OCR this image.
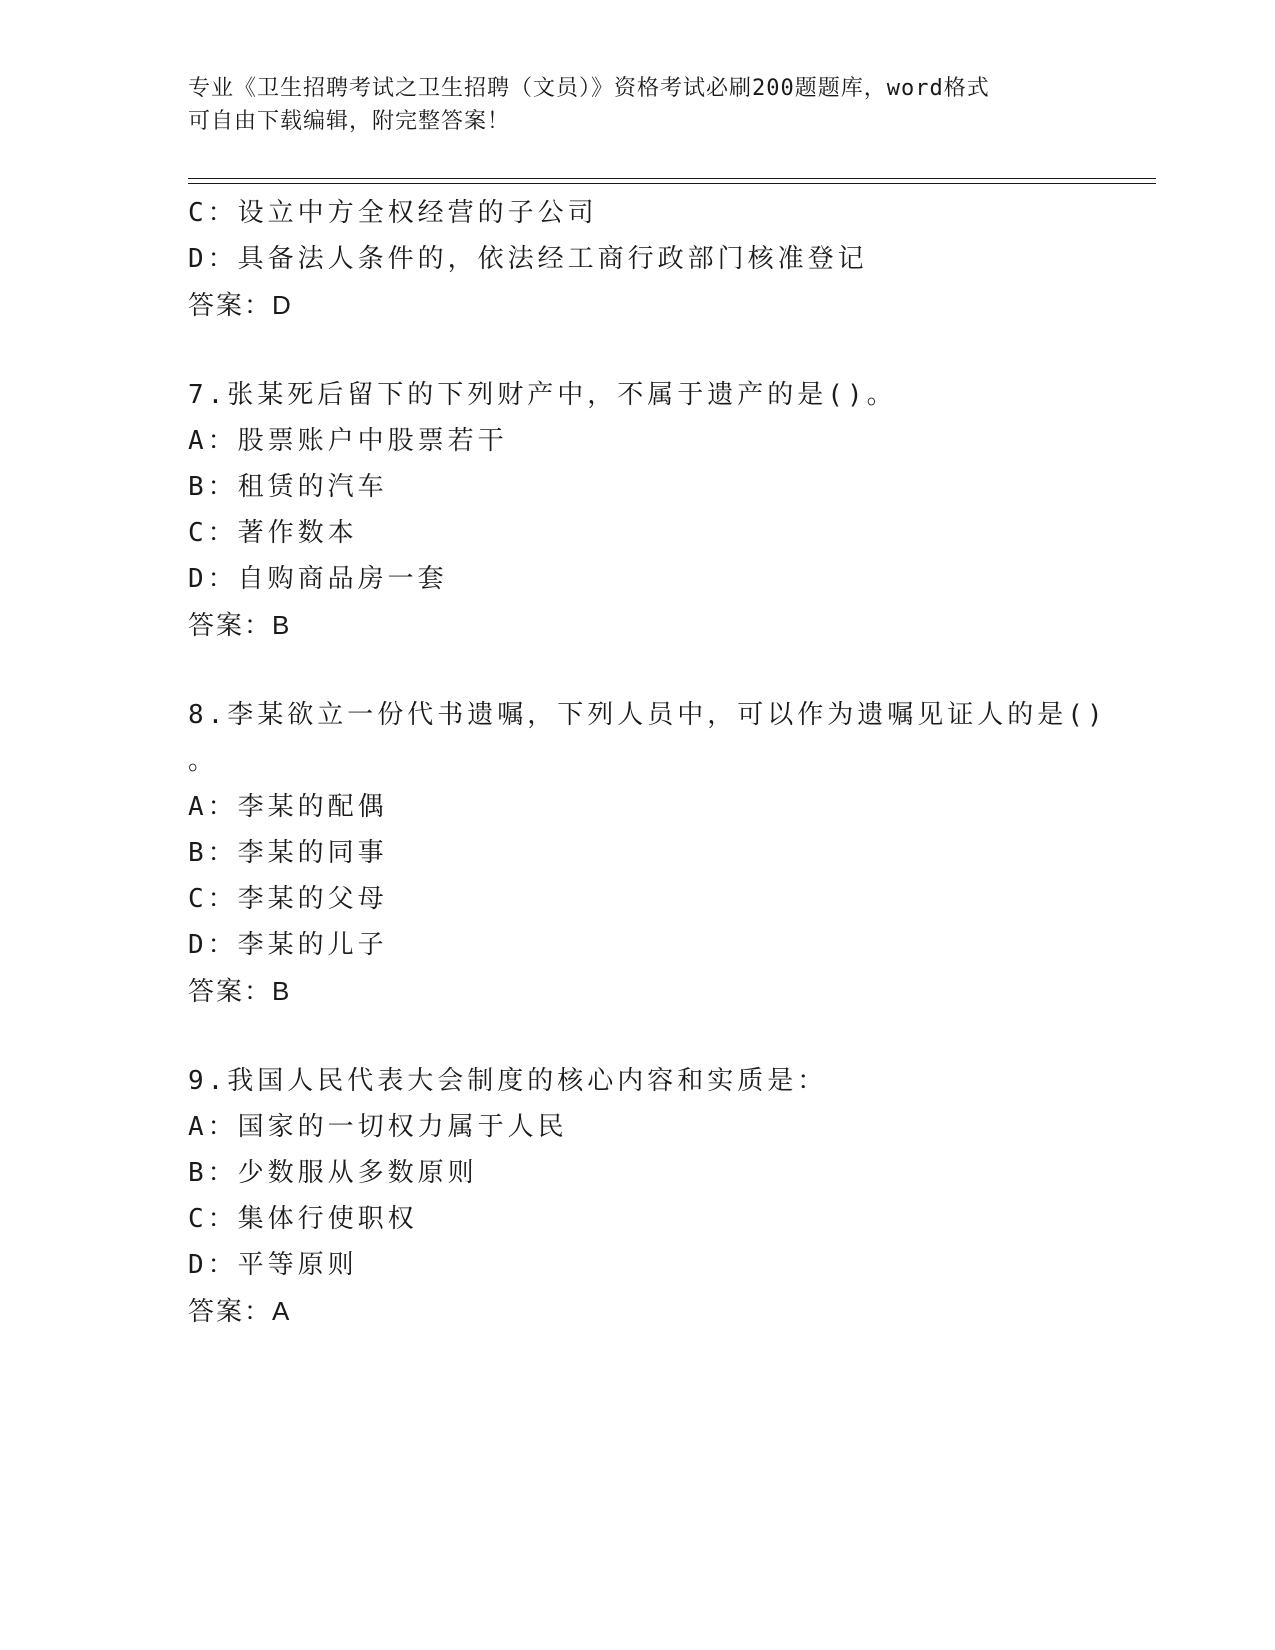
专业《卫生招聘考试之卫生招聘（文员）》资格考试必刷200题题库，word格式
可自由下载编辑，附完整答案！
C：设立中方全权经营的子公司
D：具备法人条件的，依法经工商行政部门核准登记
答案：D
7.张某死后留下的下列财产中，不属于遗产的是()。
A：股票账户中股票若干
B：租赁的汽车
C：著作数本
D：自购商品房一套
答案：B
8.李某欲立一份代书遗嘱，下列人员中，可以作为遗嘱见证人的是()
。
A：李某的配偶
B：李某的同事
C：李某的父母
D：李某的儿子
答案：B
9.我国人民代表大会制度的核心内容和实质是：
A：国家的一切权力属于人民
B：少数服从多数原则
C：集体行使职权
D：平等原则
答案：A
